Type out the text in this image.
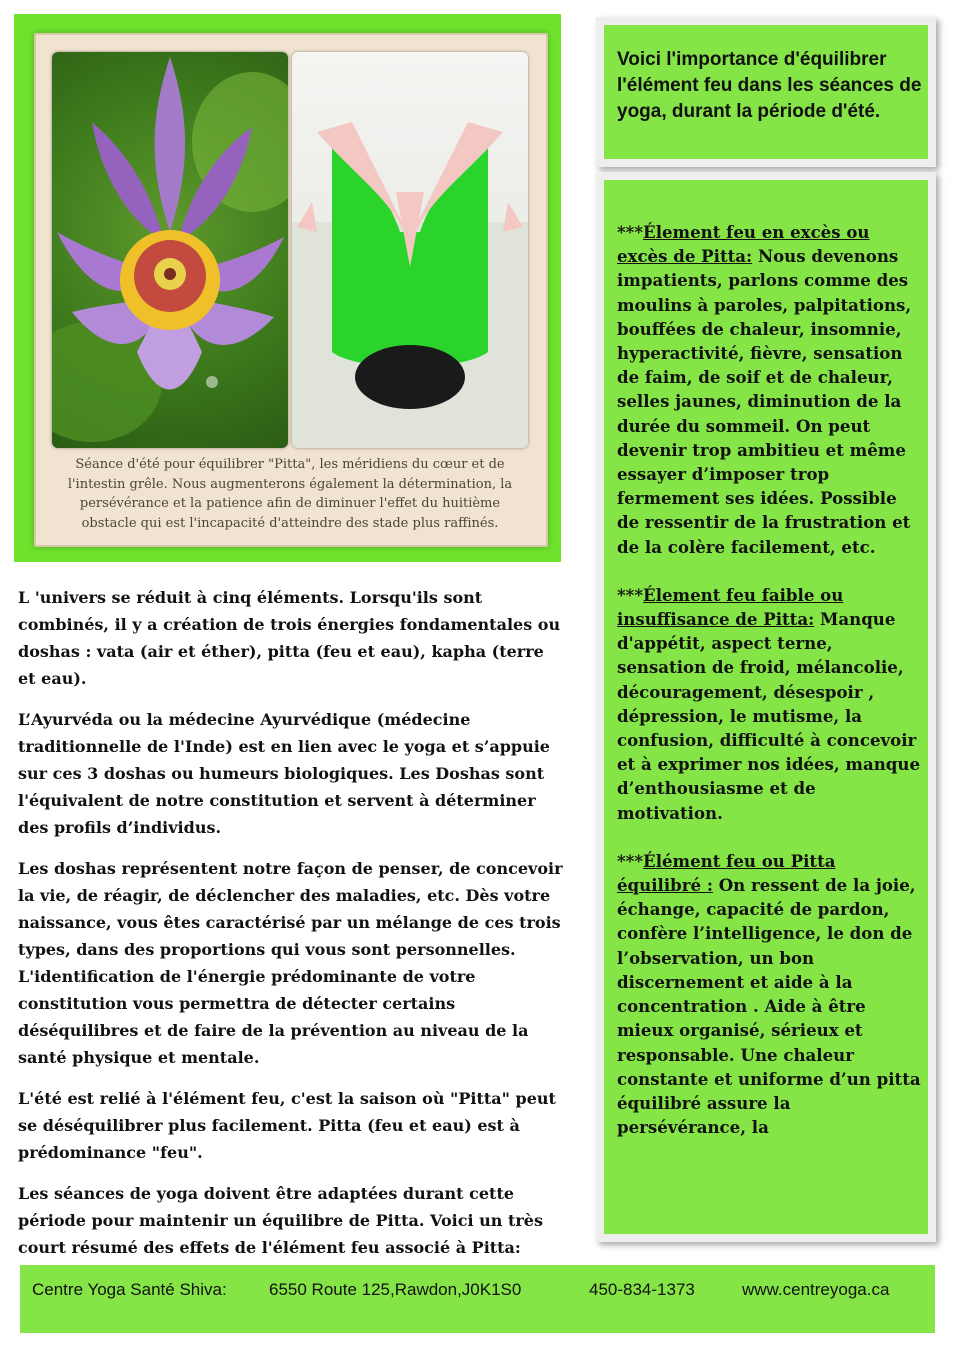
Séance d'été pour équilibrer "Pitta", les méridiens du cœur et de l'intestin grêle. Nous augmenterons également la détermination, la persévérance et la patience afin de diminuer l'effet du huitième obstacle qui est l'incapacité d'atteindre des stade plus raffinés.

L 'univers se réduit à cinq éléments. Lorsqu'ils sont combinés, il y a création de trois énergies fondamentales ou doshas : vata (air et éther), pitta (feu et eau), kapha (terre et eau).

L’Ayurvéda ou la médecine Ayurvédique (médecine traditionnelle de l'Inde) est en lien avec le yoga et s’appuie sur ces 3 doshas ou humeurs biologiques. Les Doshas sont l'équivalent de notre constitution et servent à déterminer des profils d’individus.

Les doshas représentent notre façon de penser, de concevoir la vie, de réagir, de déclencher des maladies, etc. Dès votre naissance, vous êtes caractérisé par un mélange de ces trois types, dans des proportions qui vous sont personnelles. L'identification de l'énergie prédominante de votre constitution vous permettra de détecter certains déséquilibres et de faire de la prévention au niveau de la santé physique et mentale.

L'été est relié à l'élément feu, c'est la saison où "Pitta" peut se déséquilibrer plus facilement. Pitta (feu et eau) est à prédominance "feu".

Les séances de yoga doivent être adaptées durant cette période pour maintenir un équilibre de Pitta. Voici un très court résumé des effets de l'élément feu associé à Pitta:

Voici l'importance d'équilibrer l'élément feu dans les séances de yoga, durant la période d'été.

***Élement feu en excès ou excès de Pitta: Nous devenons impatients, parlons comme des moulins à paroles, palpitations, bouffées de chaleur, insomnie, hyperactivité, fièvre, sensation de faim, de soif et de chaleur, selles jaunes, diminution de la durée du sommeil. On peut devenir trop ambitieu et même essayer d’imposer trop fermement ses idées. Possible de ressentir de la frustration et de la colère facilement, etc.

***Élement feu faible ou insuffisance de Pitta: Manque d'appétit, aspect terne, sensation de froid, mélancolie, découragement, désespoir , dépression, le mutisme, la confusion, difficulté à concevoir et à exprimer nos idées, manque d’enthousiasme et de motivation.

***Élément feu ou Pitta équilibré : On ressent de la joie, échange, capacité de pardon, confère l’intelligence, le don de l’observation, un bon discernement et aide à la concentration . Aide à être mieux organisé, sérieux et responsable. Une chaleur constante et uniforme d’un pitta équilibré assure la persévérance, la

Centre Yoga Santé Shiva: 6550 Route 125,Rawdon,J0K1S0	450-834-1373	www.centreyoga.ca
